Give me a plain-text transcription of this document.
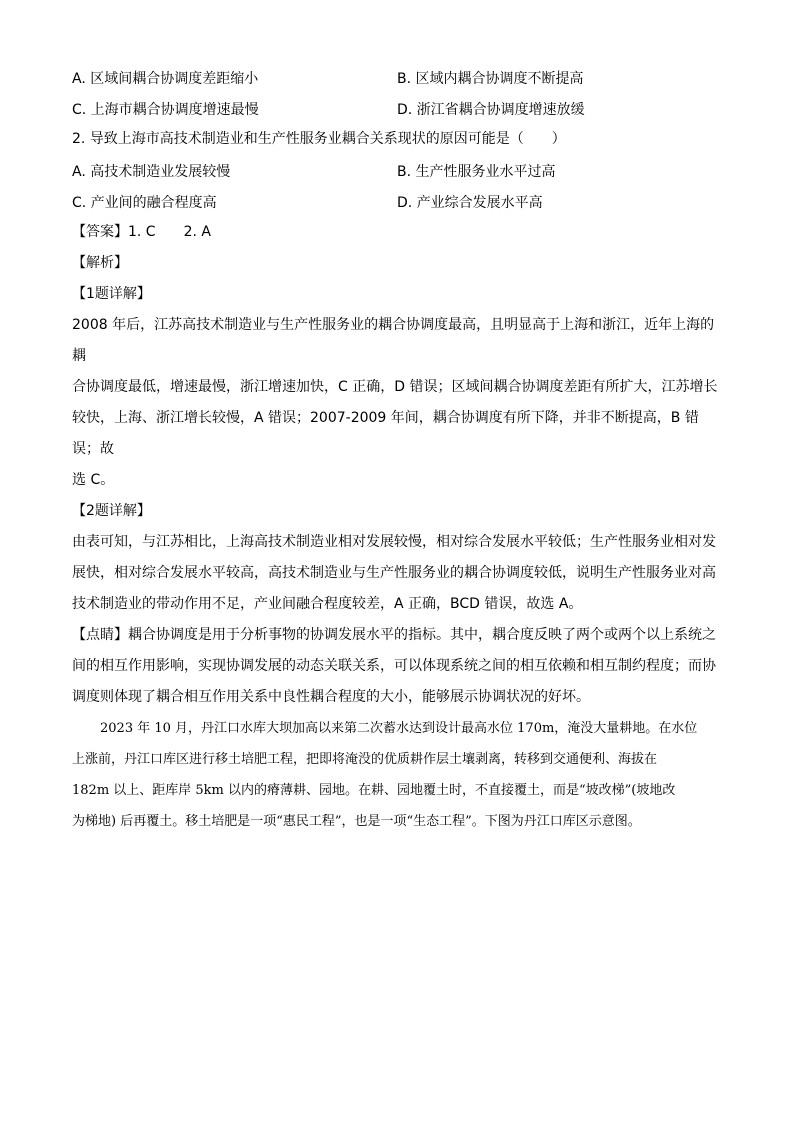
A. 区域间耦合协调度差距缩小	B. 区域内耦合协调度不断提高
C. 上海市耦合协调度增速最慢	D. 浙江省耦合协调度增速放缓
2. 导致上海市高技术制造业和生产性服务业耦合关系现状的原因可能是（　　）
A. 高技术制造业发展较慢	B. 生产性服务业水平过高
C. 产业间的融合程度高	D. 产业综合发展水平高
【答案】1. C　　2. A
【解析】
【1题详解】

2008 年后，江苏高技术制造业与生产性服务业的耦合协调度最高，且明显高于上海和浙江，近年上海的耦

合协调度最低，增速最慢，浙江增速加快，C 正确，D 错误；区域间耦合协调度差距有所扩大，江苏增长

较快，上海、浙江增长较慢，A 错误；2007-2009 年间，耦合协调度有所下降，并非不断提高，B 错误；故

选 C。

【2题详解】

由表可知，与江苏相比，上海高技术制造业相对发展较慢，相对综合发展水平较低；生产性服务业相对发

展快，相对综合发展水平较高，高技术制造业与生产性服务业的耦合协调度较低，说明生产性服务业对高

技术制造业的带动作用不足，产业间融合程度较差，A 正确，BCD 错误，故选 A。

【点睛】耦合协调度是用于分析事物的协调发展水平的指标。其中，耦合度反映了两个或两个以上系统之

间的相互作用影响，实现协调发展的动态关联关系，可以体现系统之间的相互依赖和相互制约程度；而协

调度则体现了耦合相互作用关系中良性耦合程度的大小，能够展示协调状况的好坏。

2023 年 10 月，丹江口水库大坝加高以来第二次蓄水达到设计最高水位 170m，淹没大量耕地。在水位

上涨前，丹江口库区进行移土培肥工程，把即将淹没的优质耕作层土壤剥离，转移到交通便利、海拔在

182m 以上、距库岸 5km 以内的瘠薄耕、园地。在耕、园地覆土时，不直接覆土，而是“坡改梯”(坡地改

为梯地) 后再覆土。移土培肥是一项“惠民工程”，也是一项“生态工程”。下图为丹江口库区示意图。
